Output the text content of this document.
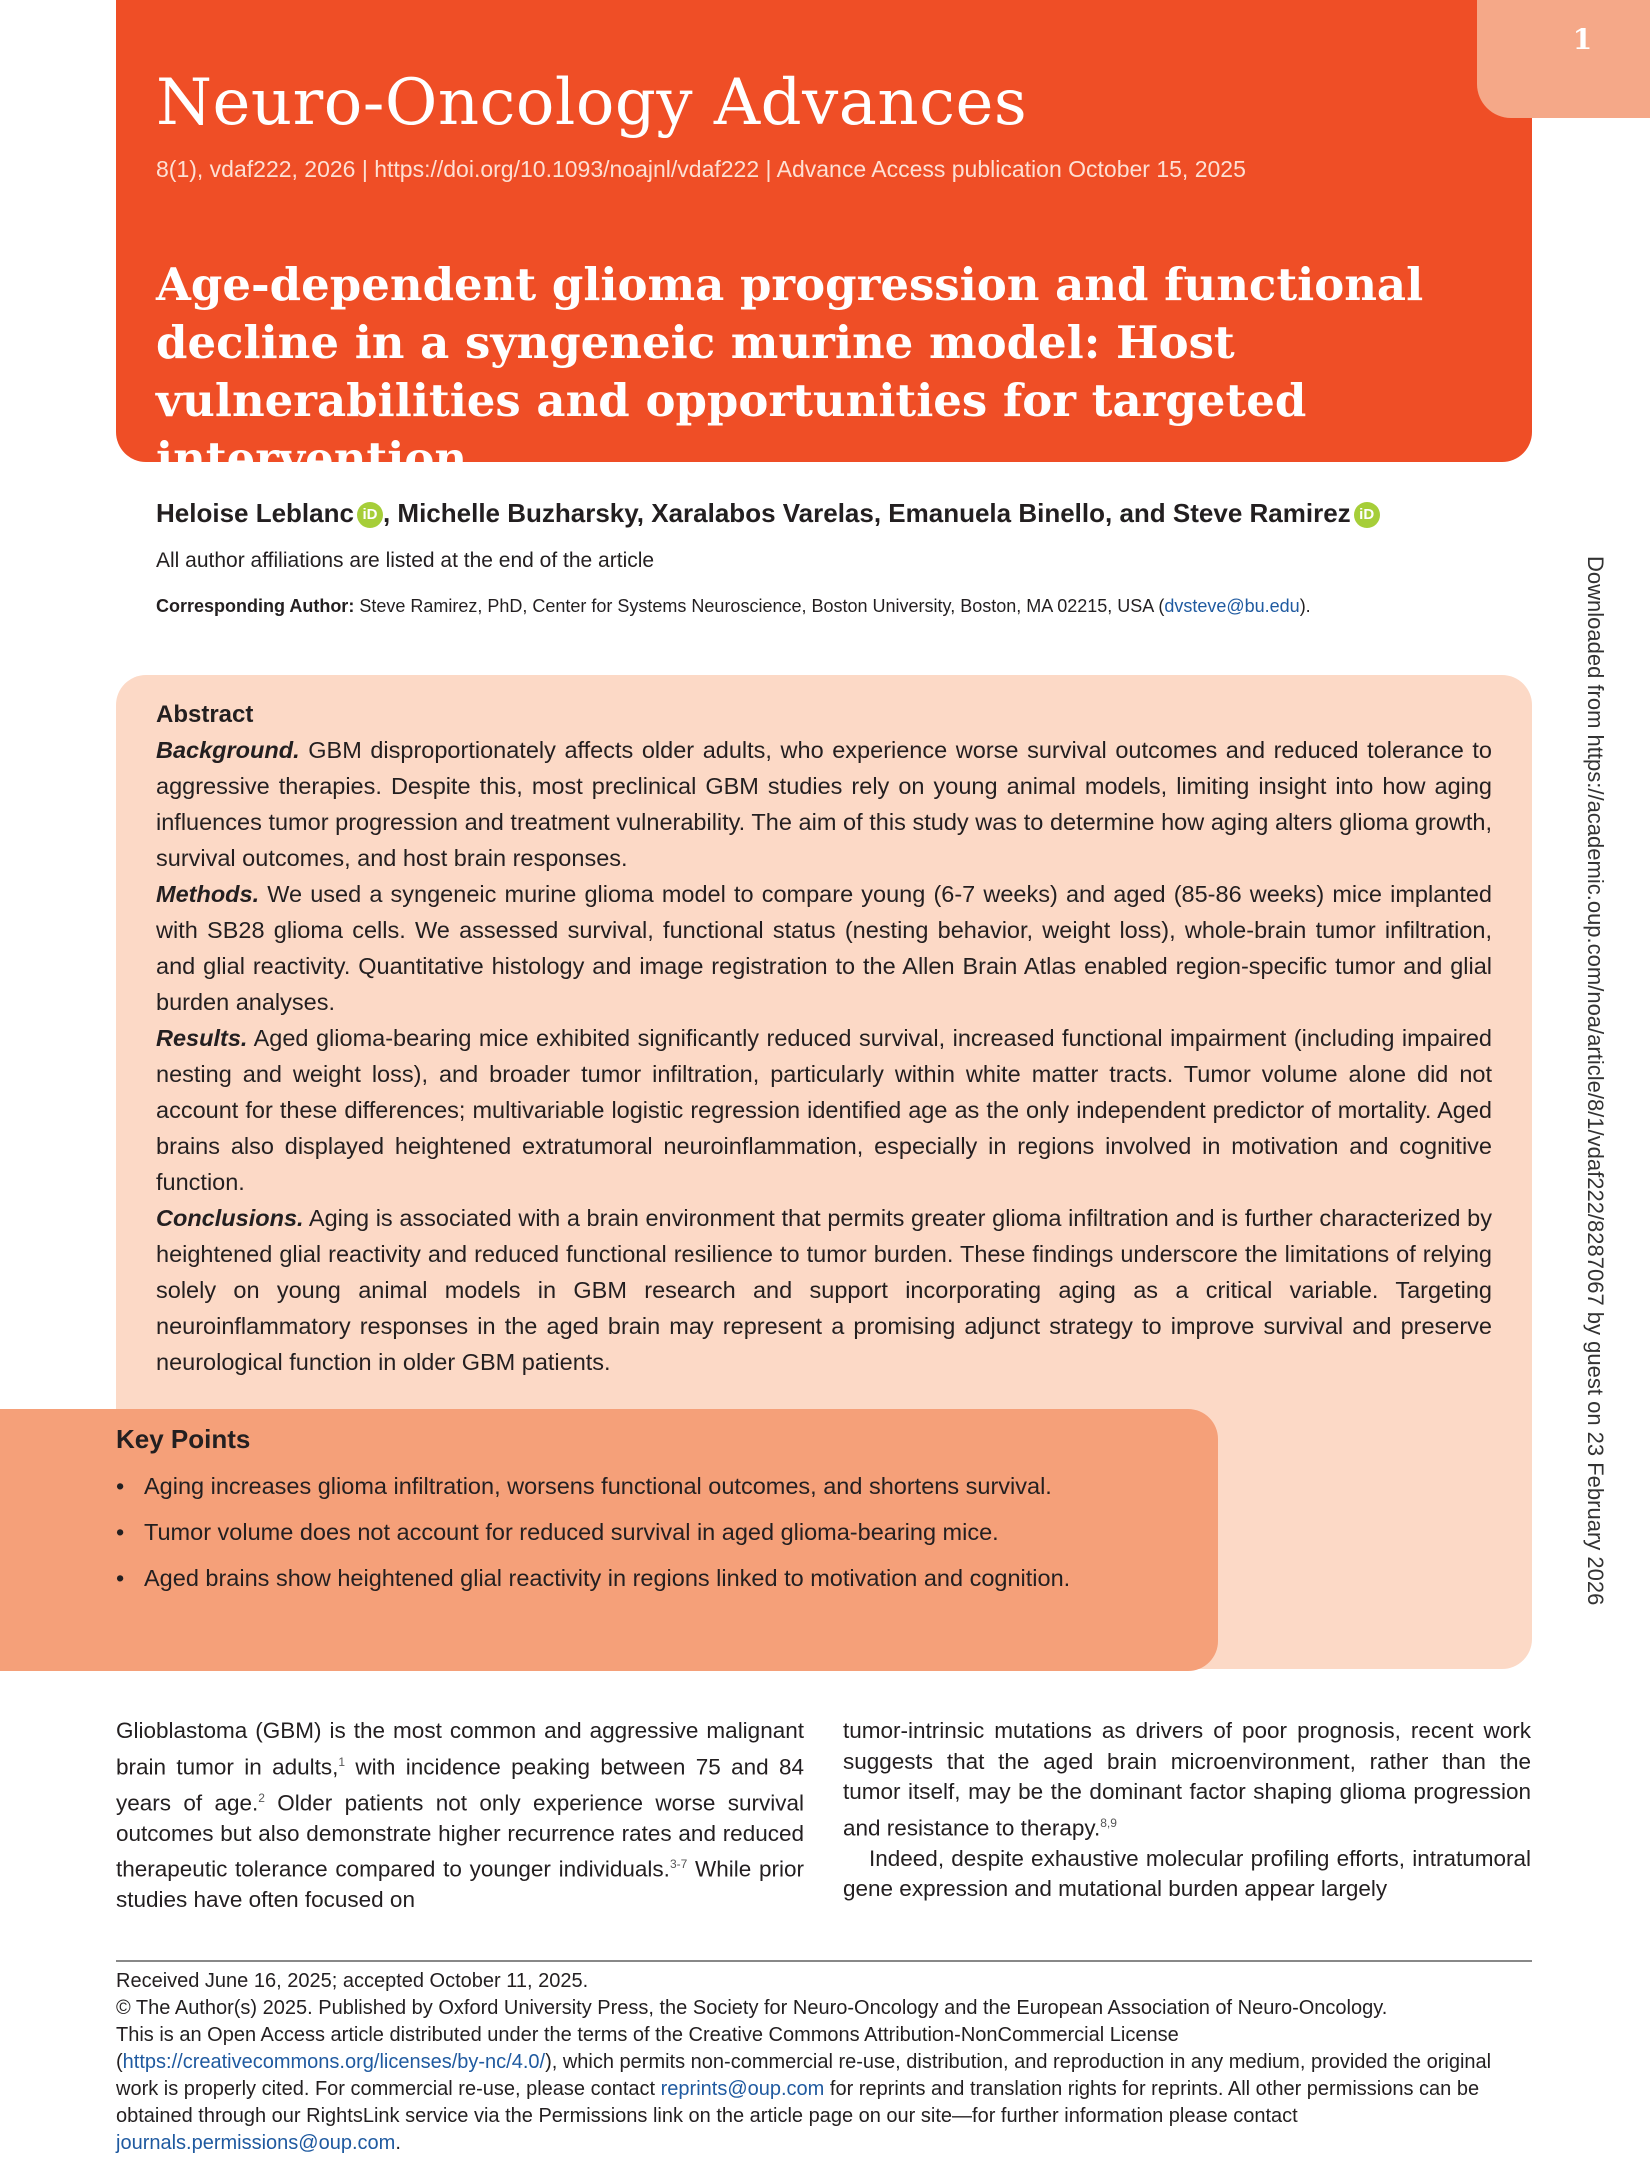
1
Neuro-Oncology Advances
8(1), vdaf222, 2026 | https://doi.org/10.1093/noajnl/vdaf222 | Advance Access publication October 15, 2025
Age-dependent glioma progression and functional decline in a syngeneic murine model: Host vulnerabilities and opportunities for targeted intervention
Heloise Leblanc iD , Michelle Buzharsky, Xaralabos Varelas, Emanuela Binello, and Steve Ramirez iD
All author affiliations are listed at the end of the article
Corresponding Author: Steve Ramirez, PhD, Center for Systems Neuroscience, Boston University, Boston, MA 02215, USA (dvsteve@bu.edu).	Downloaded from https://academic.oup.com/noa/article/8/1/vdaf222/8287067 by guest on 23 February 2026
Abstract

Background. GBM disproportionately affects older adults, who experience worse survival outcomes and reduced tolerance to aggressive therapies. Despite this, most preclinical GBM studies rely on young animal models, limiting insight into how aging influences tumor progression and treatment vulnerability. The aim of this study was to determine how aging alters glioma growth, survival outcomes, and host brain responses.

Methods. We used a syngeneic murine glioma model to compare young (6-7 weeks) and aged (85-86 weeks) mice implanted with SB28 glioma cells. We assessed survival, functional status (nesting behavior, weight loss), whole-brain tumor infiltration, and glial reactivity. Quantitative histology and image registration to the Allen Brain Atlas enabled region-specific tumor and glial burden analyses.

Results. Aged glioma-bearing mice exhibited significantly reduced survival, increased functional impairment (including impaired nesting and weight loss), and broader tumor infiltration, particularly within white matter tracts. Tumor volume alone did not account for these differences; multivariable logistic regression identified age as the only independent predictor of mortality. Aged brains also displayed heightened extratumoral neuroinflammation, especially in regions involved in motivation and cognitive function.

Conclusions. Aging is associated with a brain environment that permits greater glioma infiltration and is further characterized by heightened glial reactivity and reduced functional resilience to tumor burden. These findings underscore the limitations of relying solely on young animal models in GBM research and support incorporating aging as a critical variable. Targeting neuroinflammatory responses in the aged brain may represent a promising adjunct strategy to improve survival and preserve neurological function in older GBM patients.

Key Points
• Aging increases glioma infiltration, worsens functional outcomes, and shortens survival.
• Tumor volume does not account for reduced survival in aged glioma-bearing mice.
• Aged brains show heightened glial reactivity in regions linked to motivation and cognition.

Glioblastoma (GBM) is the most common and aggressive malignant brain tumor in adults,$^1$ with incidence peaking between 75 and 84 years of age.$^2$ Older patients not only experience worse survival outcomes but also demonstrate higher recurrence rates and reduced therapeutic tolerance compared to younger individuals.$^{3-7}$ While prior studies have often focused on

tumor-intrinsic mutations as drivers of poor prognosis, recent work suggests that the aged brain microenvironment, rather than the tumor itself, may be the dominant factor shaping glioma progression and resistance to therapy.$^{8,9}$
Indeed, despite exhaustive molecular profiling efforts, intratumoral gene expression and mutational burden appear largely

Received June 16, 2025; accepted October 11, 2025.
© The Author(s) 2025. Published by Oxford University Press, the Society for Neuro-Oncology and the European Association of Neuro-Oncology.
This is an Open Access article distributed under the terms of the Creative Commons Attribution-NonCommercial License (https://creativecommons.org/licenses/by-nc/4.0/), which permits non-commercial re-use, distribution, and reproduction in any medium, provided the original work is properly cited. For commercial re-use, please contact reprints@oup.com for reprints and translation rights for reprints. All other permissions can be obtained through our RightsLink service via the Permissions link on the article page on our site—for further information please contact journals.permissions@oup.com.
